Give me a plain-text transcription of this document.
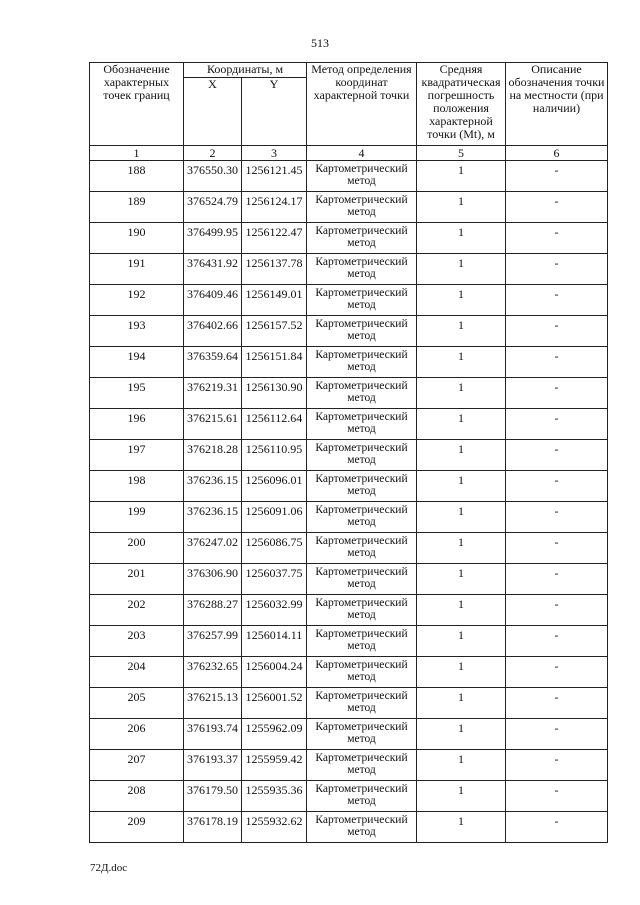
513
Обозначение характерных точек границ	Координаты, м		Метод определения координат характерной точки	Средняя квадратическая погрешность положения характерной точки (Mt), м	Описание обозначения точки на местности (при наличии)
	X	Y			
1	2	3	4	5	6

188	376550.30	1256121.45	Картометрический метод	1	-

189	376524.79	1256124.17	Картометрический метод	1	-

190	376499.95	1256122.47	Картометрический метод	1	-

191	376431.92	1256137.78	Картометрический метод	1	-

192	376409.46	1256149.01	Картометрический метод	1	-

193	376402.66	1256157.52	Картометрический метод	1	-

194	376359.64	1256151.84	Картометрический метод	1	-

195	376219.31	1256130.90	Картометрический метод	1	-

196	376215.61	1256112.64	Картометрический метод	1	-

197	376218.28	1256110.95	Картометрический метод	1	-

198	376236.15	1256096.01	Картометрический метод	1	-

199	376236.15	1256091.06	Картометрический метод	1	-

200	376247.02	1256086.75	Картометрический метод	1	-

201	376306.90	1256037.75	Картометрический метод	1	-

202	376288.27	1256032.99	Картометрический метод	1	-

203	376257.99	1256014.11	Картометрический метод	1	-

204	376232.65	1256004.24	Картометрический метод	1	-

205	376215.13	1256001.52	Картометрический метод	1	-

206	376193.74	1255962.09	Картометрический метод	1	-

207	376193.37	1255959.42	Картометрический метод	1	-

208	376179.50	1255935.36	Картометрический метод	1	-

209	376178.19	1255932.62	Картометрический метод	1	-
72Д.doc
